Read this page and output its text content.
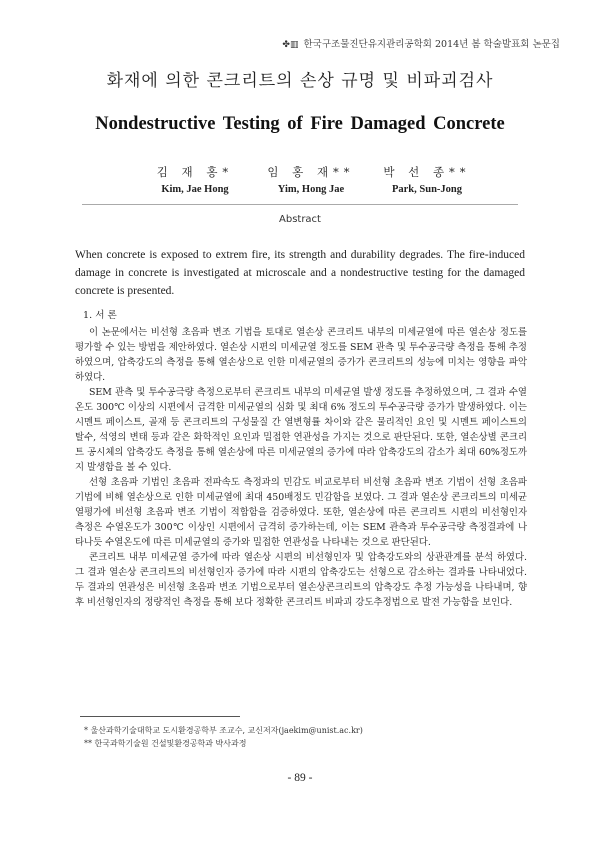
✤▥ 한국구조물진단유지관리공학회 2014년 봄 학술발표회 논문집
화재에 의한 콘크리트의 손상 규명 및 비파괴검사
Nondestructive Testing of Fire Damaged Concrete
김 재 홍*
Kim, Jae Hong
임 홍 재**
Yim, Hong Jae
박 선 종**
Park, Sun-Jong
Abstract
When concrete is exposed to extrem fire, its strength and durability degrades. The fire-induced damage in concrete is investigated at microscale and a nondestructive testing for the damaged concrete is presented.
1. 서 론

이 논문에서는 비선형 초음파 변조 기법을 토대로 열손상 콘크리트 내부의 미세균열에 따른 열손상 정도를 평가할 수 있는 방법을 제안하였다. 열손상 시편의 미세균열 정도를 SEM 관측 및 투수공극량 측정을 통해 추정하였으며, 압축강도의 측정을 통해 열손상으로 인한 미세균열의 증가가 콘크리트의 성능에 미치는 영향을 파악하였다.

SEM 관측 및 투수공극량 측정으로부터 콘크리트 내부의 미세균열 발생 정도를 추정하였으며, 그 결과 수열온도 300℃ 이상의 시편에서 급격한 미세균열의 심화 및 최대 6% 정도의 투수공극량 증가가 발생하였다. 이는 시멘트 페이스트, 골재 등 콘크리트의 구성물질 간 열변형률 차이와 같은 물리적인 요인 및 시멘트 페이스트의 탈수, 석영의 변태 등과 같은 화학적인 요인과 밀접한 연관성을 가지는 것으로 판단된다. 또한, 열손상별 콘크리트 공시체의 압축강도 측정을 통해 열손상에 따른 미세균열의 증가에 따라 압축강도의 감소가 최대 60%정도까지 발생함을 볼 수 있다.

선형 초음파 기법인 초음파 전파속도 측정과의 민감도 비교로부터 비선형 초음파 변조 기법이 선형 초음파 기법에 비해 열손상으로 인한 미세균열에 최대 450배정도 민감함을 보였다. 그 결과 열손상 콘크리트의 미세균열평가에 비선형 초음파 변조 기법이 적합함을 검증하였다. 또한, 열손상에 따른 콘크리트 시편의 비선형인자 측정은 수열온도가 300℃ 이상인 시편에서 급격히 증가하는데, 이는 SEM 관측과 투수공극량 측정결과에 나타나듯 수열온도에 따른 미세균열의 증가와 밀접한 연관성을 나타내는 것으로 판단된다.

콘크리트 내부 미세균열 증가에 따라 열손상 시편의 비선형인자 및 압축강도와의 상관관계를 분석 하였다. 그 결과 열손상 콘크리트의 비선형인자 증가에 따라 시편의 압축강도는 선형으로 감소하는 결과를 나타내었다. 두 결과의 연관성은 비선형 초음파 변조 기법으로부터 열손상콘크리트의 압축강도 추정 가능성을 나타내며, 향후 비선형인자의 정량적인 측정을 통해 보다 정확한 콘크리트 비파괴 강도추정법으로 발전 가능함을 보인다.

* 울산과학기술대학교 도시환경공학부 조교수, 교신저자(jaekim@unist.ac.kr)
** 한국과학기술원 건설및환경공학과 박사과정
- 89 -
